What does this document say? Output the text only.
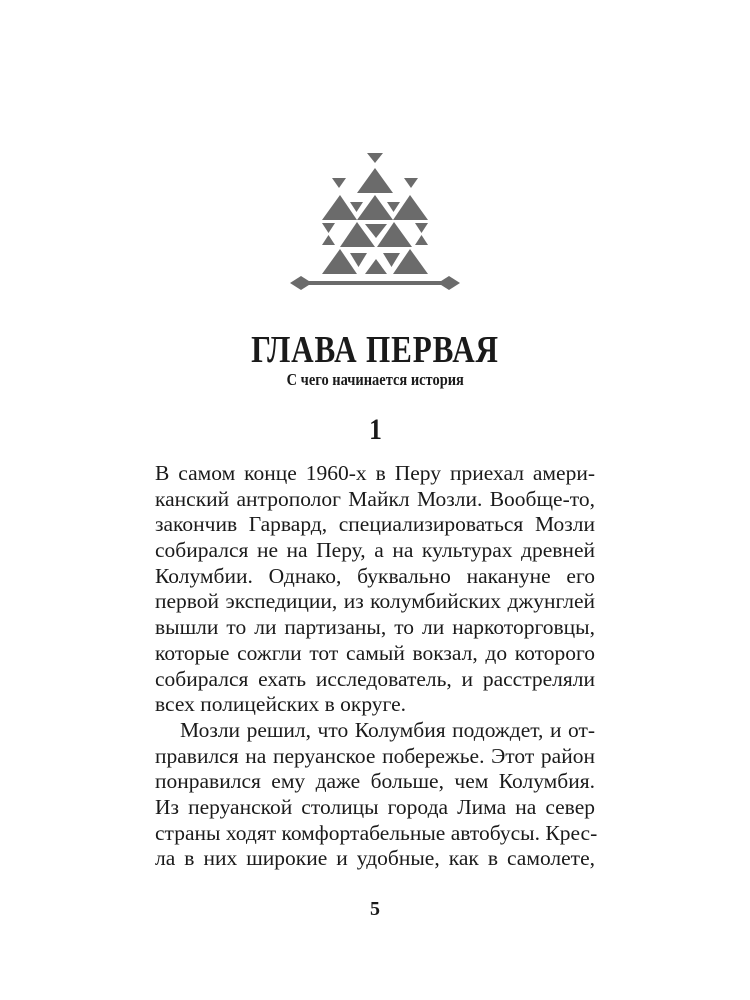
ГЛАВА ПЕРВАЯ
С чего начинается история
1
В самом конце 1960-х в Перу приехал амери-
канский антрополог Майкл Мозли. Вообще-то,
закончив Гарвард, специализироваться Мозли
собирался не на Перу, а на культурах древней
Колумбии. Однако, буквально накануне его
первой экспедиции, из колумбийских джунглей
вышли то ли партизаны, то ли наркоторговцы,
которые сожгли тот самый вокзал, до которого
собирался ехать исследователь, и расстреляли
всех полицейских в округе.
Мозли решил, что Колумбия подождет, и от-
правился на перуанское побережье. Этот район
понравился ему даже больше, чем Колумбия.
Из перуанской столицы города Лима на север
страны ходят комфортабельные автобусы. Крес-
ла в них широкие и удобные, как в самолете,
5
